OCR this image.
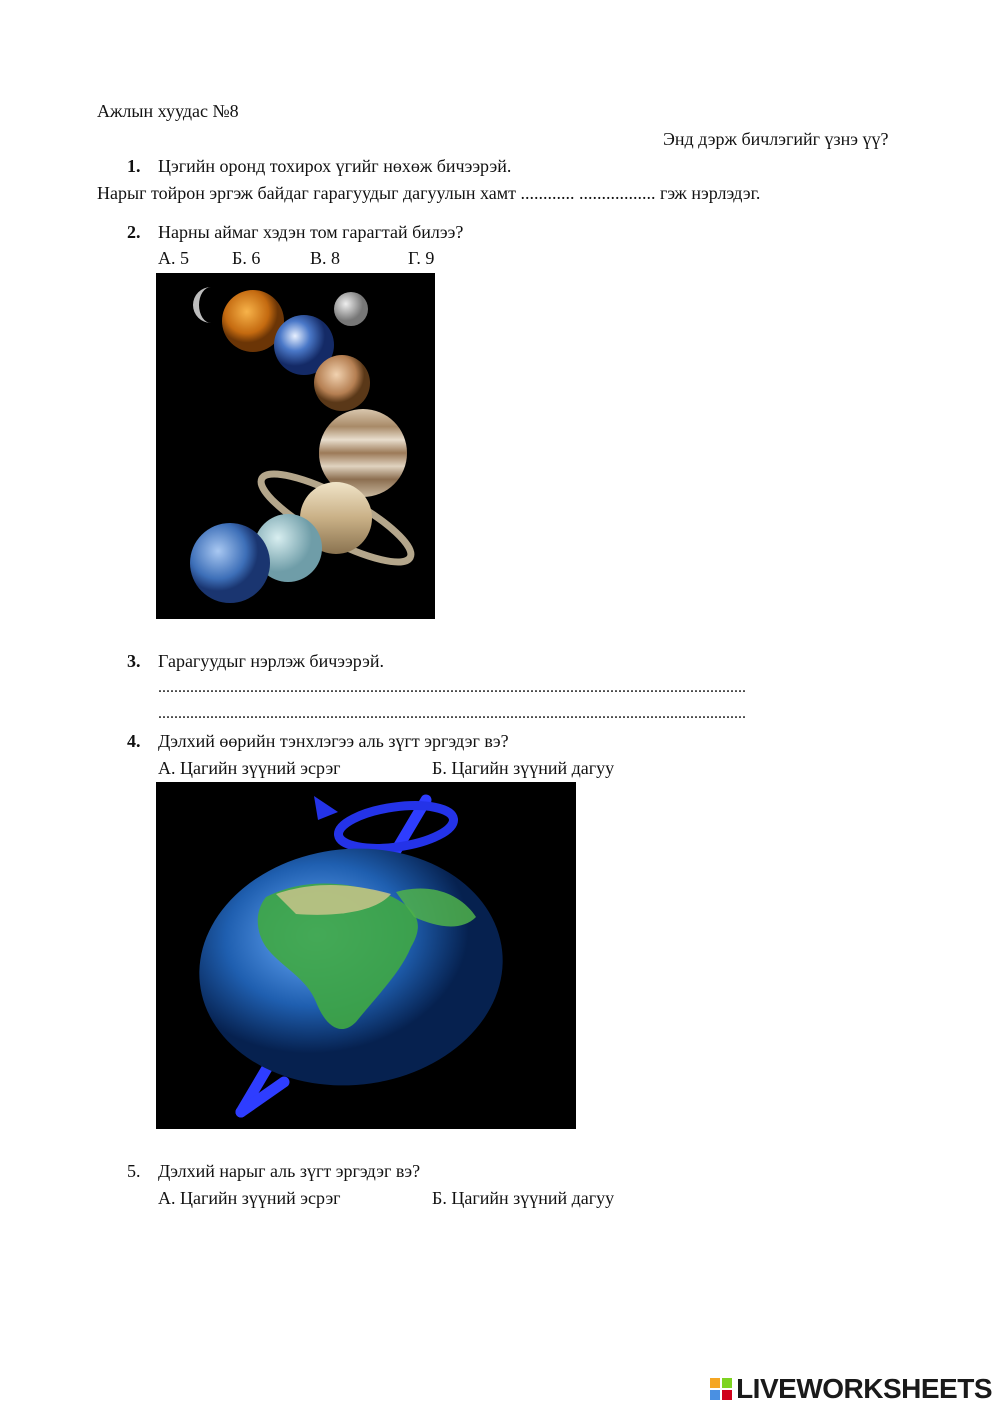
Ажлын хуудас №8
Энд дэрж бичлэгийг үзнэ үү?
1. Цэгийн оронд тохирох үгийг нөхөж бичээрэй.
Нарыг тойрон эргэж байдаг гарагуудыг дагуулын хамт ............ ................. гэж нэрлэдэг.
2. Нарны аймаг хэдэн том гарагтай билээ?
А. 5 Б. 6	В. 8	Г. 9
3. Гарагуудыг нэрлэж бичээрэй.
...................................................................................................................................................
...................................................................................................................................................
4. Дэлхий өөрийн тэнхлэгээ аль зүгт эргэдэг вэ?
А. Цагийн зүүний эсрэг	Б. Цагийн зүүний дагуу
5. Дэлхий нарыг аль зүгт эргэдэг вэ?
А. Цагийн зүүний эсрэг	Б. Цагийн зүүний дагуу
LIVEWORKSHEETS
